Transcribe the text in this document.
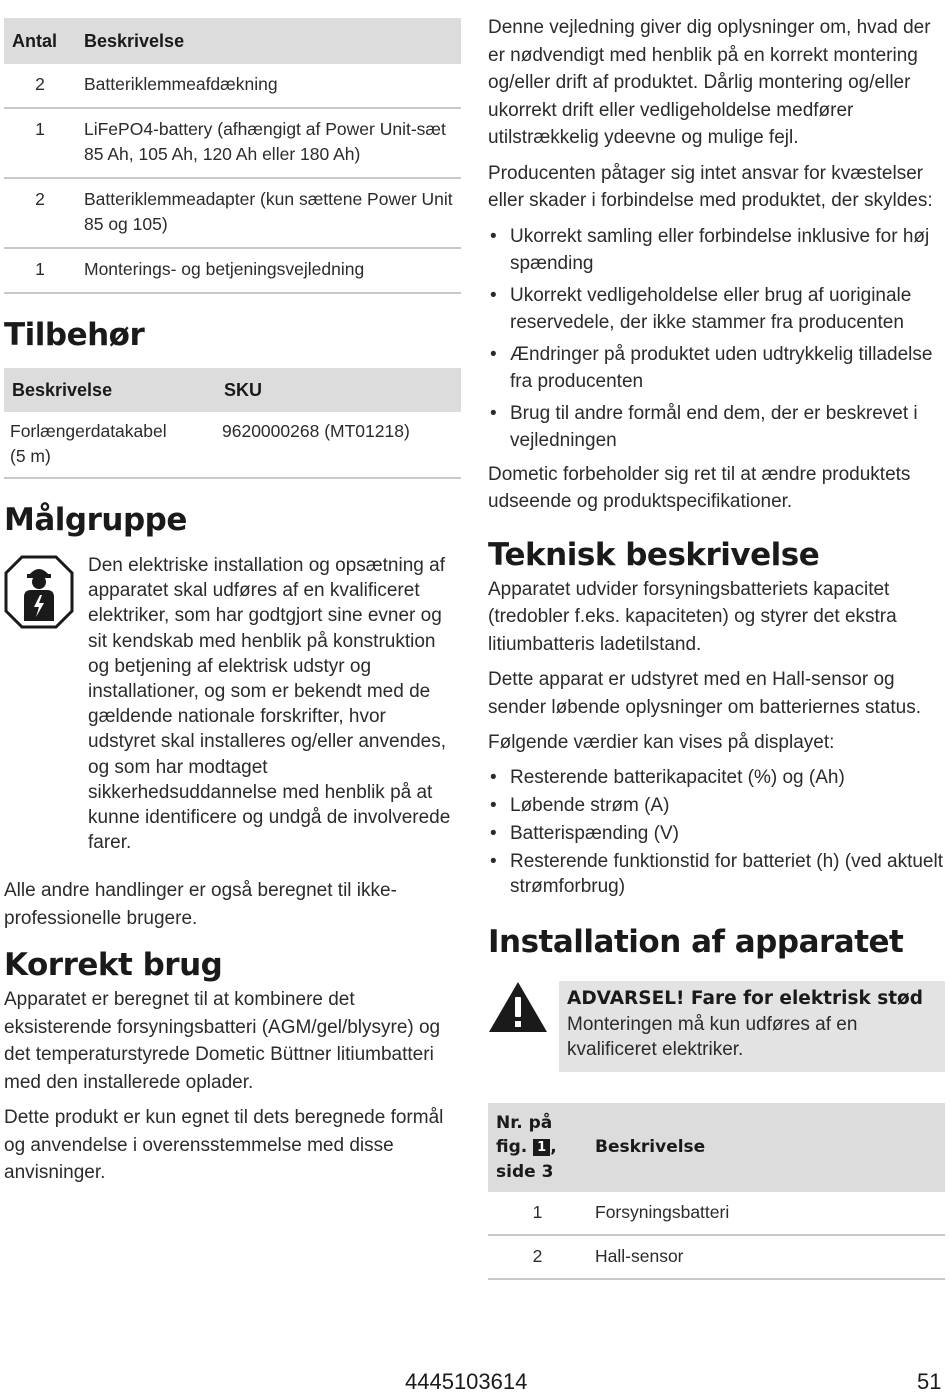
Antal	Beskrivelse
2	Batteriklemmeafdækning
1	LiFePO4-battery (afhængigt af Power Unit-sæt 85 Ah, 105 Ah, 120 Ah eller 180 Ah)
2	Batteriklemmeadapter (kun sættene Power Unit 85 og 105)
1	Monterings- og betjeningsvejledning
Tilbehør
Beskrivelse	SKU
Forlængerdatakabel (5 m)	9620000268 (MT01218)
Målgruppe
Den elektriske installation og opsætning af apparatet skal udføres af en kvalificeret elektriker, som har godtgjort sine evner og sit kendskab med henblik på konstruktion og betjening af elektrisk udstyr og installationer, og som er bekendt med de gældende nationale forskrifter, hvor udstyret skal installeres og/eller anvendes, og som har modtaget sikkerhedsuddannelse med henblik på at kunne identificere og undgå de involverede farer.

Alle andre handlinger er også beregnet til ikke-professionelle brugere.

Korrekt brug

Apparatet er beregnet til at kombinere det eksisterende forsyningsbatteri (AGM/gel/blysyre) og det temperaturstyrede Dometic Büttner litiumbatteri med den installerede oplader.

Dette produkt er kun egnet til dets beregnede formål og anvendelse i overensstemmelse med disse anvisninger.

Denne vejledning giver dig oplysninger om, hvad der er nødvendigt med henblik på en korrekt montering og/eller drift af produktet. Dårlig montering og/eller ukorrekt drift eller vedligeholdelse medfører utilstrækkelig ydeevne og mulige fejl.

Producenten påtager sig intet ansvar for kvæstelser eller skader i forbindelse med produktet, der skyldes:

• Ukorrekt samling eller forbindelse inklusive for høj spænding
• Ukorrekt vedligeholdelse eller brug af uoriginale reservedele, der ikke stammer fra producenten
• Ændringer på produktet uden udtrykkelig tilladelse fra producenten
• Brug til andre formål end dem, der er beskrevet i vejledningen

Dometic forbeholder sig ret til at ændre produktets udseende og produktspecifikationer.

Teknisk beskrivelse

Apparatet udvider forsyningsbatteriets kapacitet (tredobler f.eks. kapaciteten) og styrer det ekstra litiumbatteris ladetilstand.

Dette apparat er udstyret med en Hall-sensor og sender løbende oplysninger om batteriernes status.

Følgende værdier kan vises på displayet:

• Resterende batterikapacitet (%) og (Ah)
• Løbende strøm (A)
• Batterispænding (V)
• Resterende funktionstid for batteriet (h) (ved aktuelt strømforbrug)
Installation af apparatet
ADVARSEL! Fare for elektrisk stød
Monteringen må kun udføres af en kvalificeret elektriker.
Nr. på fig. 1 , side 3	Beskrivelse
1	Forsyningsbatteri
2	Hall-sensor
4445103614	51
